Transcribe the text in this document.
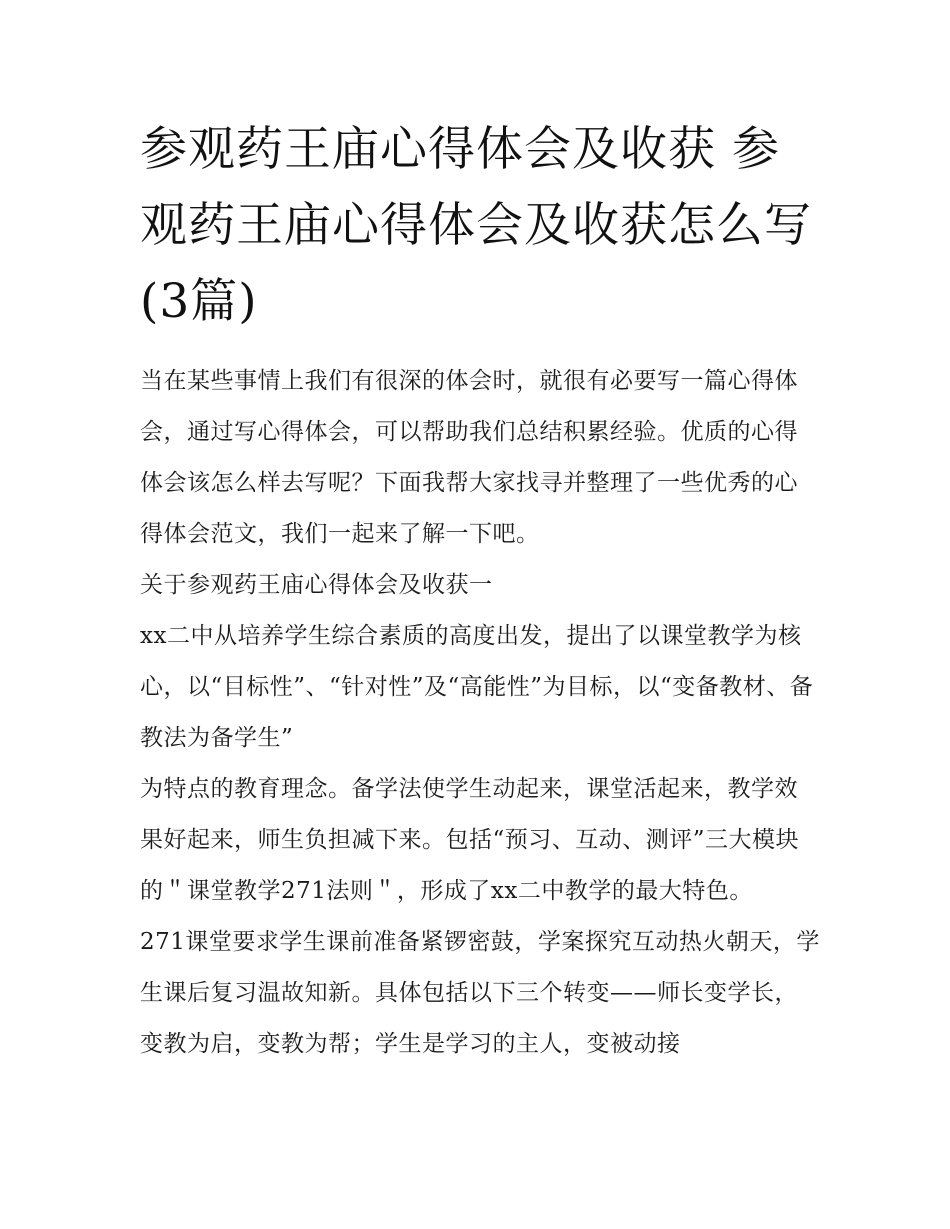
参观药王庙心得体会及收获 参观药王庙心得体会及收获怎么写(3篇)

当在某些事情上我们有很深的体会时，就很有必要写一篇心得体会，通过写心得体会，可以帮助我们总结积累经验。优质的心得体会该怎么样去写呢？下面我帮大家找寻并整理了一些优秀的心得体会范文，我们一起来了解一下吧。

关于参观药王庙心得体会及收获一

xx二中从培养学生综合素质的高度出发，提出了以课堂教学为核心，以“目标性”、“针对性”及“高能性”为目标，以“变备教材、备教法为备学生”

为特点的教育理念。备学法使学生动起来，课堂活起来，教学效果好起来，师生负担减下来。包括“预习、互动、测评”三大模块的＂课堂教学271法则＂，形成了xx二中教学的最大特色。

271课堂要求学生课前准备紧锣密鼓，学案探究互动热火朝天，学生课后复习温故知新。具体包括以下三个转变——师长变学长，变教为启，变教为帮；学生是学习的主人，变被动接
